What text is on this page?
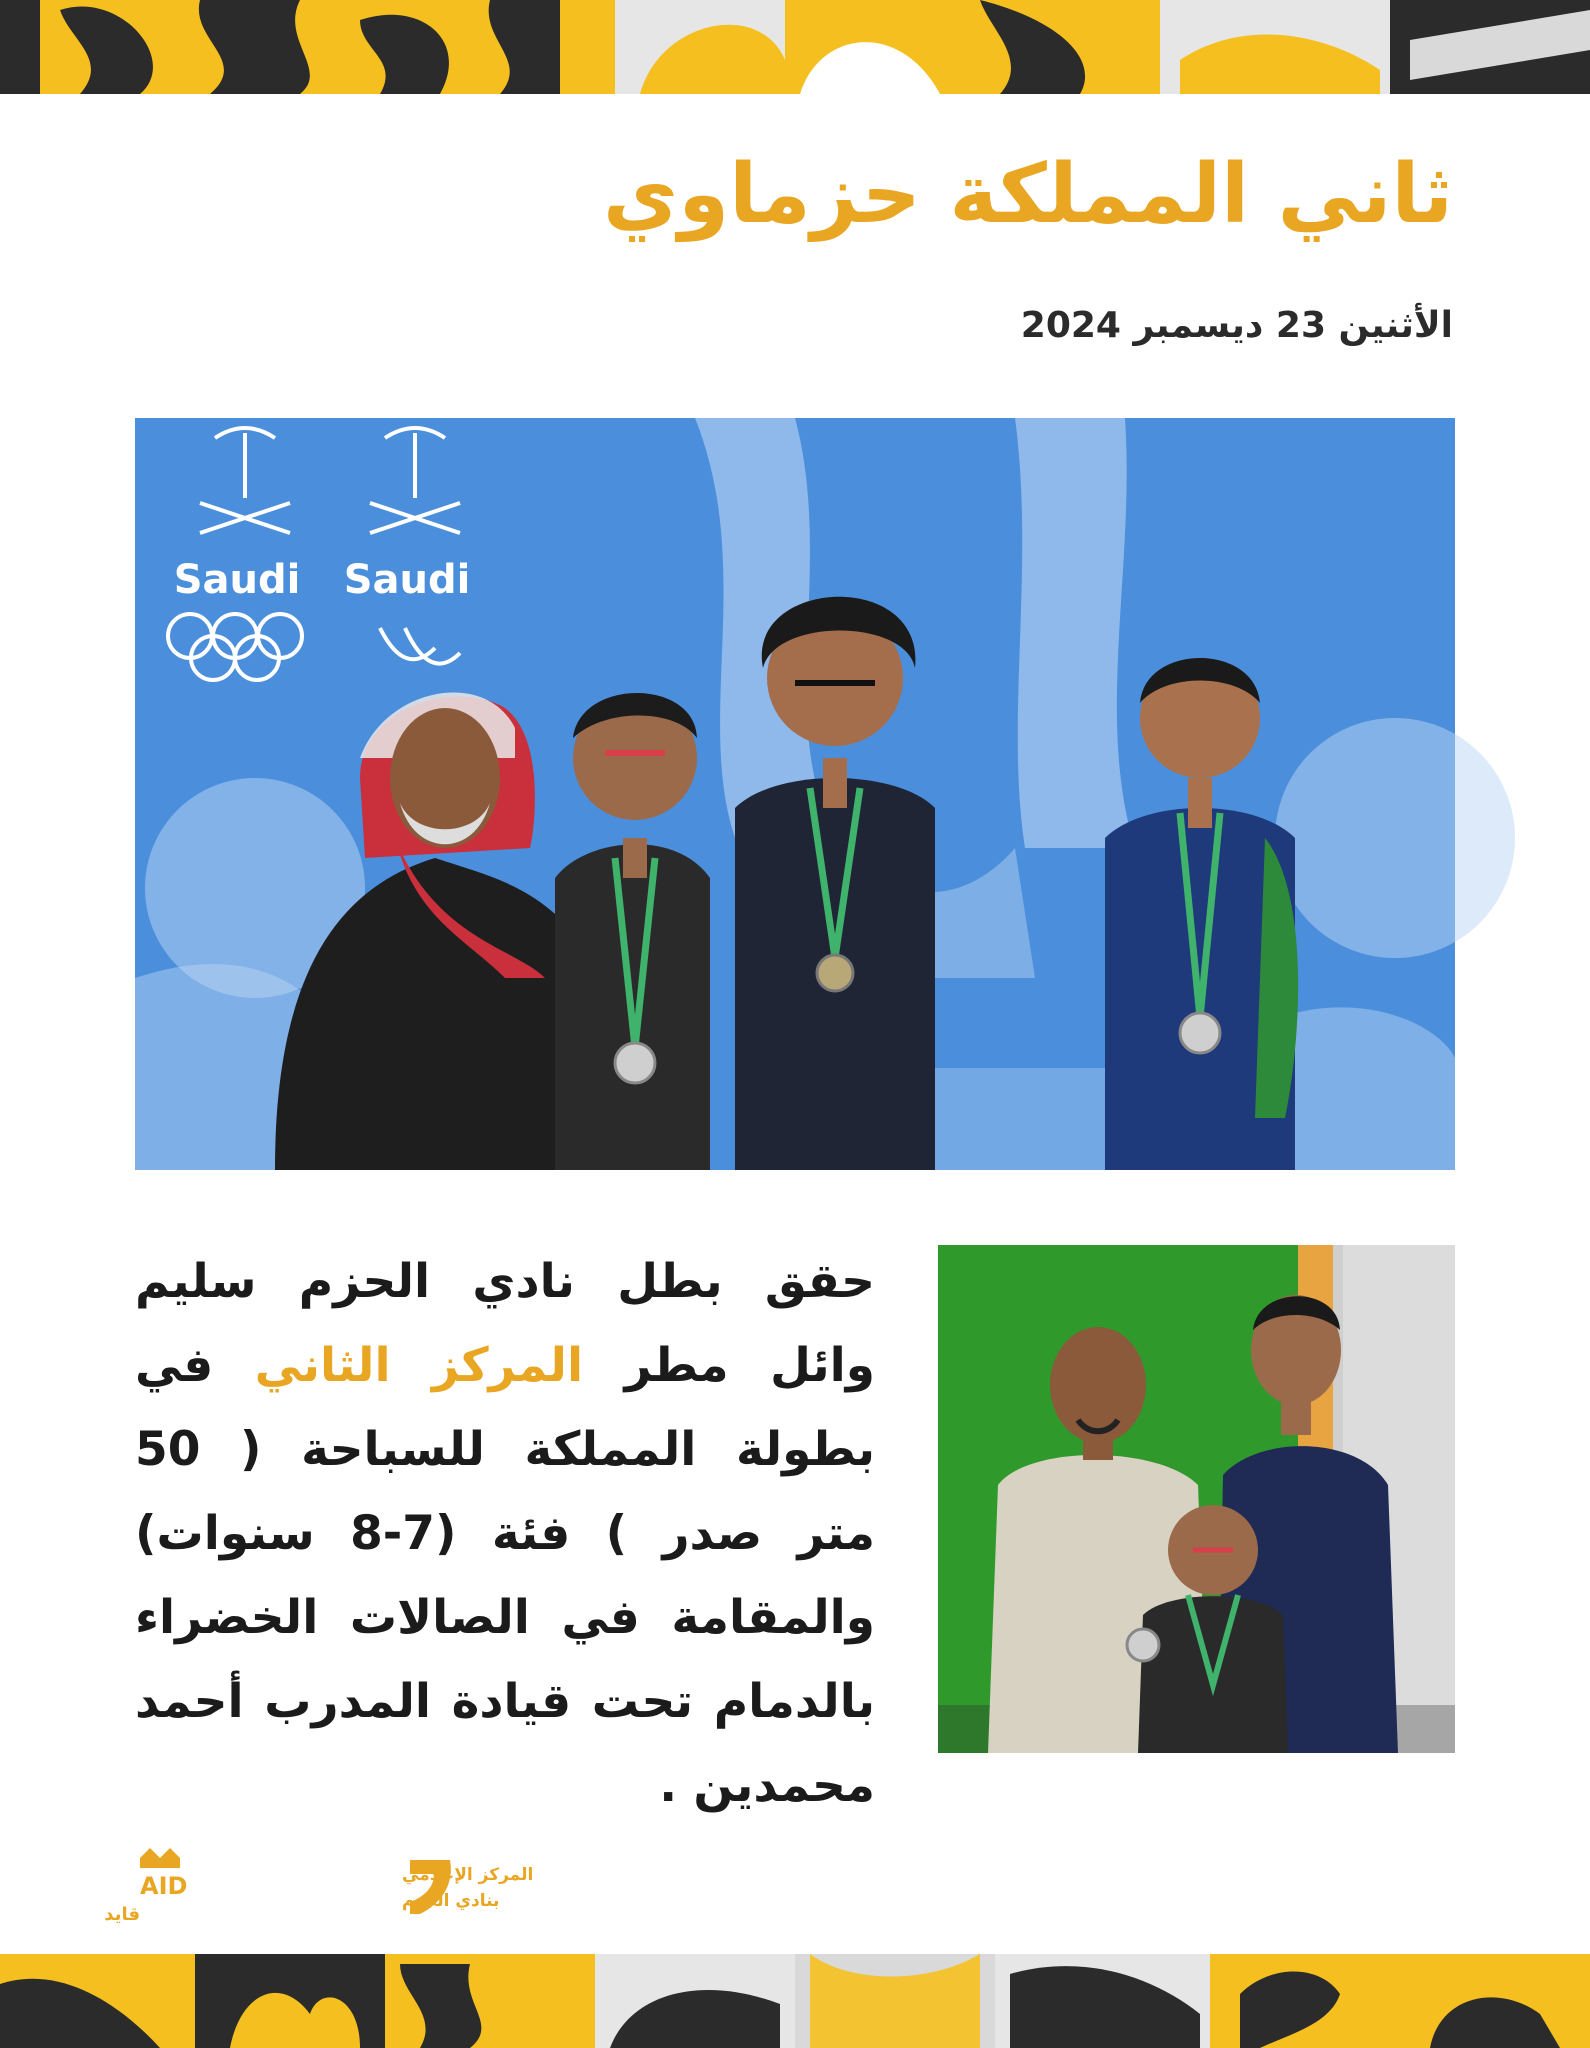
ثاني المملكة حزماوي
الأثنين 23 ديسمبر 2024
Saudi Saudi
حقق بطل نادي الحزم سليم وائل مطر المركز الثاني في بطولة المملكة للسباحة ( 50 متر صدر ) فئة (7-8 سنوات) والمقامة في الصالات الخضراء بالدمام تحت قيادة المدرب أحمد محمدين .
AID
قايد
المركز الإعلامي
بنادي الحزم
